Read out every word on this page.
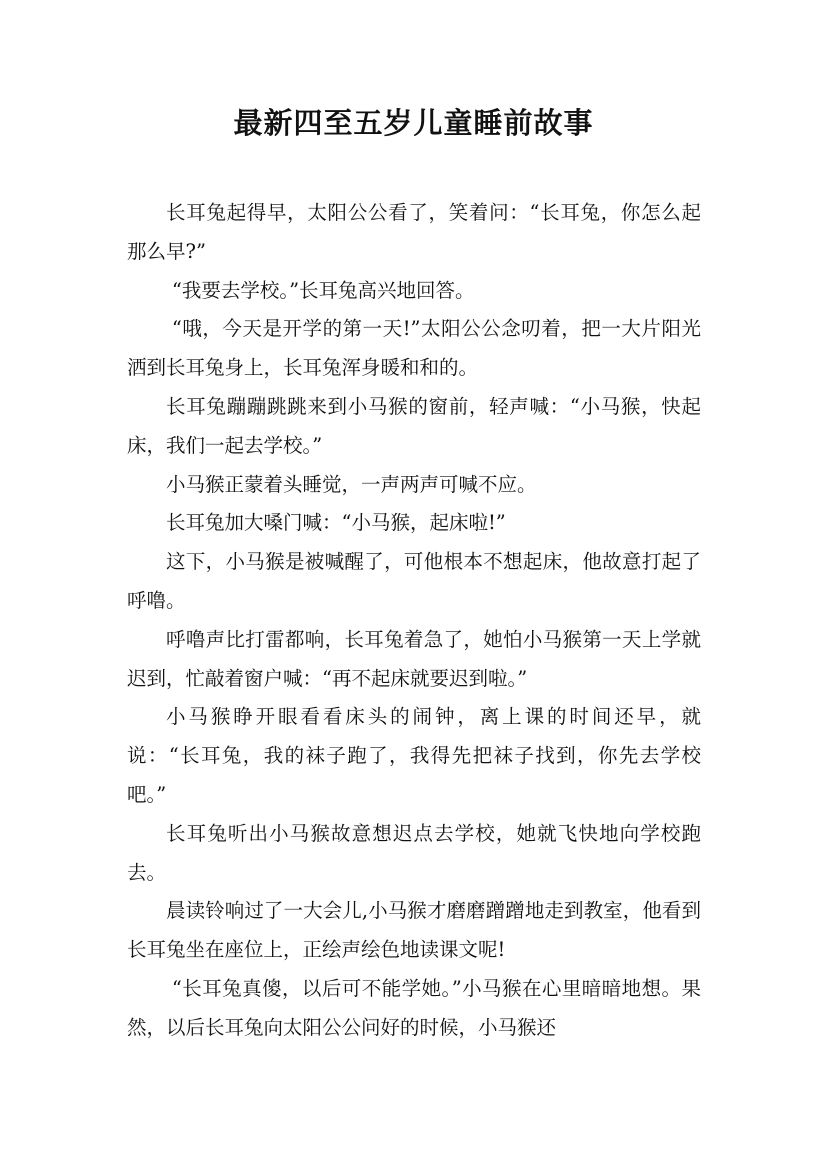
最新四至五岁儿童睡前故事

长耳兔起得早，太阳公公看了，笑着问：“长耳兔，你怎么起那么早?”

“我要去学校。”长耳兔高兴地回答。

“哦，今天是开学的第一天!”太阳公公念叨着，把一大片阳光洒到长耳兔身上，长耳兔浑身暖和和的。

长耳兔蹦蹦跳跳来到小马猴的窗前，轻声喊：“小马猴，快起床，我们一起去学校。”

小马猴正蒙着头睡觉，一声两声可喊不应。

长耳兔加大嗓门喊：“小马猴，起床啦!”

这下，小马猴是被喊醒了，可他根本不想起床，他故意打起了呼噜。

呼噜声比打雷都响，长耳兔着急了，她怕小马猴第一天上学就迟到，忙敲着窗户喊：“再不起床就要迟到啦。”

小马猴睁开眼看看床头的闹钟，离上课的时间还早，就说：“长耳兔，我的袜子跑了，我得先把袜子找到，你先去学校吧。”

长耳兔听出小马猴故意想迟点去学校，她就飞快地向学校跑去。

晨读铃响过了一大会儿,小马猴才磨磨蹭蹭地走到教室，他看到长耳兔坐在座位上，正绘声绘色地读课文呢!

“长耳兔真傻，以后可不能学她。”小马猴在心里暗暗地想。果然，以后长耳兔向太阳公公问好的时候，小马猴还
